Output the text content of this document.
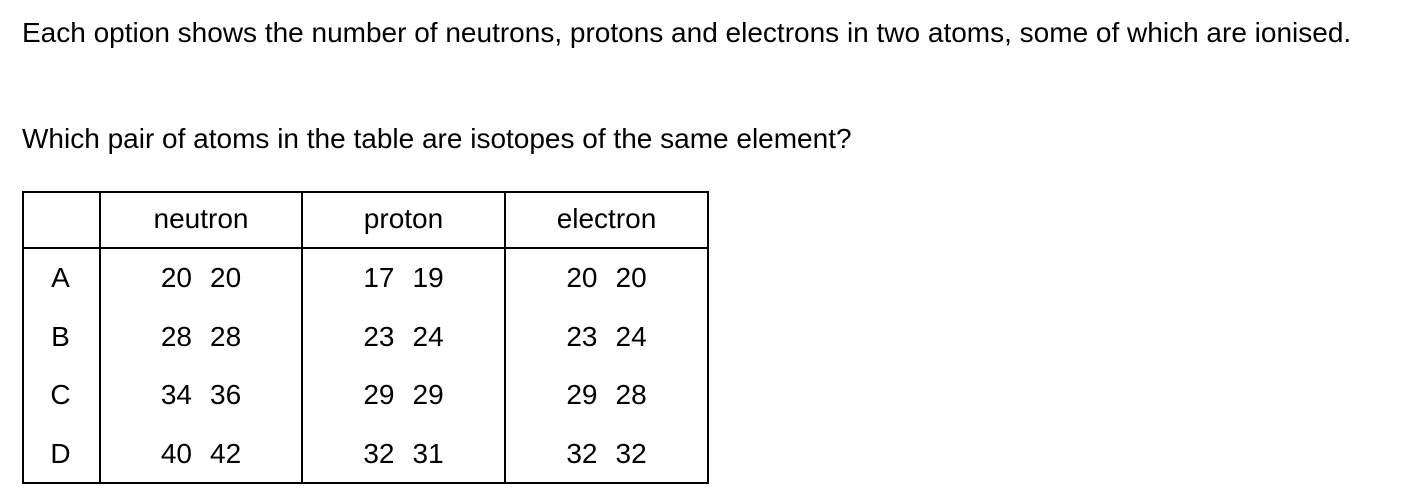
Each option shows the number of neutrons, protons and electrons in two atoms, some of which are ionised.

Which pair of atoms in the table are isotopes of the same element?

	neutron	proton	electron
A	20 20	17 19	20 20
B	28 28	23 24	23 24
C	34 36	29 29	29 28
D	40 42	32 31	32 32
